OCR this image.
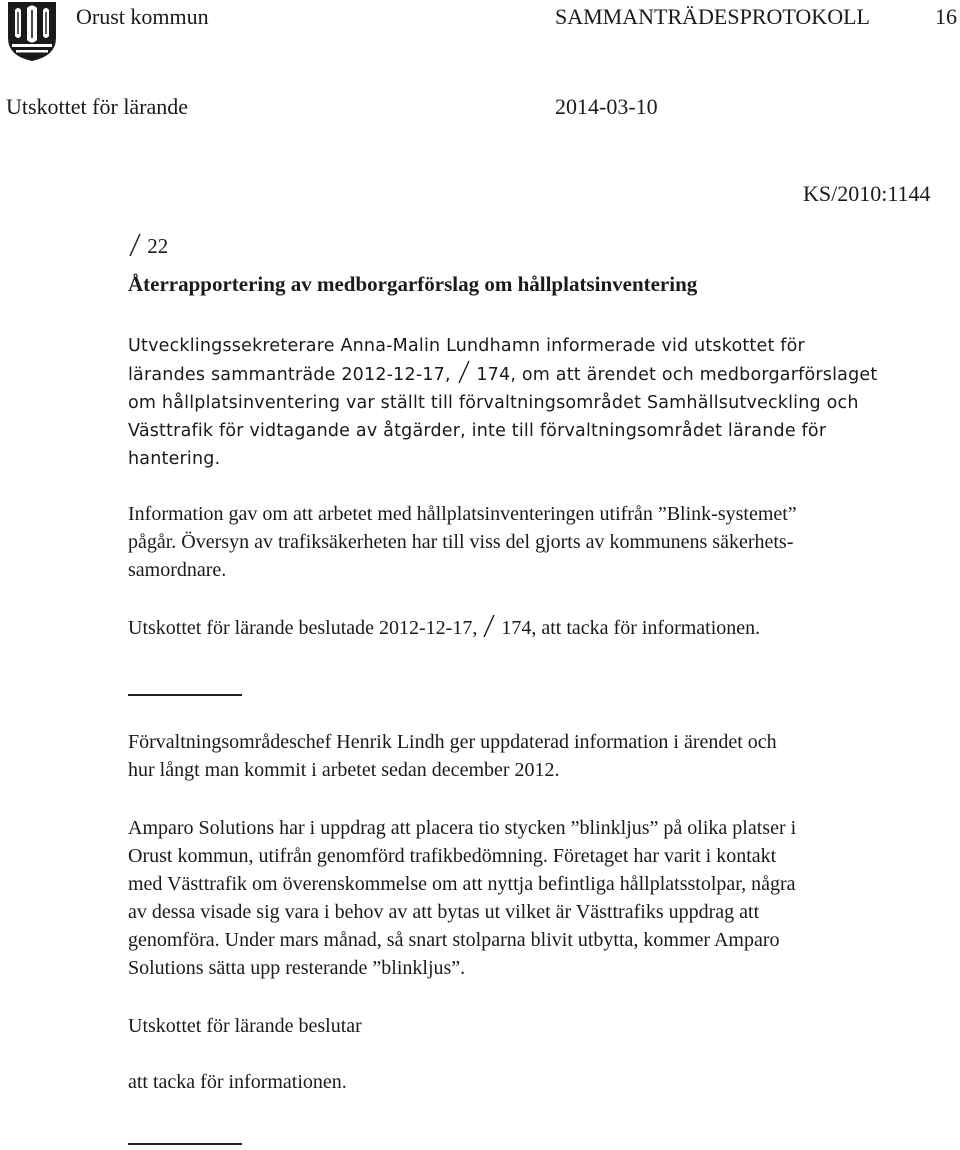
Orust kommun	SAMMANTRÄDESPROTOKOLL	16
Utskottet för lärande	2014-03-10
KS/2010:1144
22
Återrapportering av medborgarförslag om hållplatsinventering
Utvecklingssekreterare Anna-Malin Lundhamn informerade vid utskottet för
lärandes sammanträde 2012-12-17, 174, om att ärendet och medborgarförslaget
om hållplatsinventering var ställt till förvaltningsområdet Samhällsutveckling och
Västtrafik för vidtagande av åtgärder, inte till förvaltningsområdet lärande för
hantering.
Information gav om att arbetet med hållplatsinventeringen utifrån ”Blink-systemet”
pågår. Översyn av trafiksäkerheten har till viss del gjorts av kommunens säkerhets-
samordnare.
Utskottet för lärande beslutade 2012-12-17, 174, att tacka för informationen.
Förvaltningsområdeschef Henrik Lindh ger uppdaterad information i ärendet och
hur långt man kommit i arbetet sedan december 2012.
Amparo Solutions har i uppdrag att placera tio stycken ”blinkljus” på olika platser i
Orust kommun, utifrån genomförd trafikbedömning. Företaget har varit i kontakt
med Västtrafik om överenskommelse om att nyttja befintliga hållplatsstolpar, några
av dessa visade sig vara i behov av att bytas ut vilket är Västtrafiks uppdrag att
genomföra. Under mars månad, så snart stolparna blivit utbytta, kommer Amparo
Solutions sätta upp resterande ”blinkljus”.
Utskottet för lärande beslutar
att tacka för informationen.
